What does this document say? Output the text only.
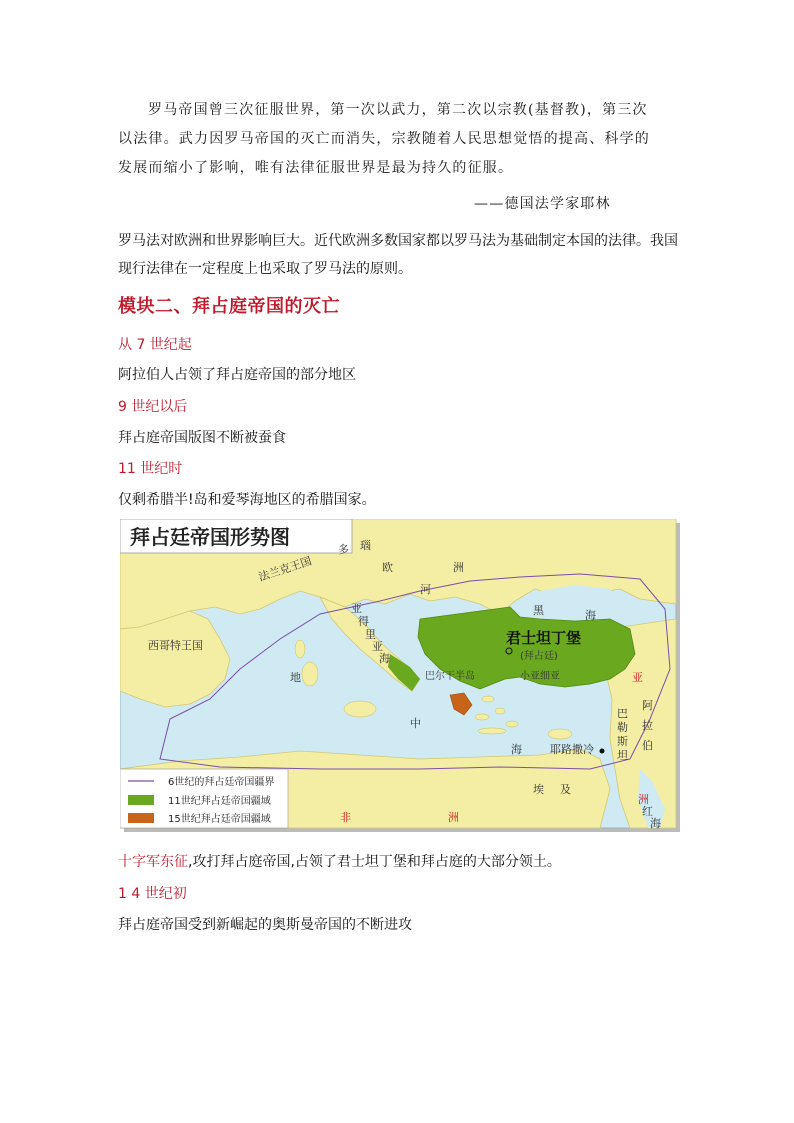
罗马帝国曾三次征服世界，第一次以武力，第二次以宗教(基督教)，第三次
以法律。武力因罗马帝国的灭亡而消失，宗教随着人民思想觉悟的提高、科学的
发展而缩小了影响，唯有法律征服世界是最为持久的征服。
——德国法学家耶林
罗马法对欧洲和世界影响巨大。近代欧洲多数国家都以罗马法为基础制定本国的法律。我国
现行法律在一定程度上也采取了罗马法的原则。
模块二、拜占庭帝国的灭亡
从 7 世纪起
阿拉伯人占领了拜占庭帝国的部分地区
9 世纪以后
拜占庭帝国版图不断被蚕食
11 世纪时
仅剩希腊半!岛和爱琴海地区的希腊国家。
拜占廷帝国形势图
欧	洲
多 瑙
河
法兰克王国
西哥特王国
黑	海
亚
得
里
亚
海
地
中
海
巴尔干半岛	小亚细亚
君士坦丁堡
(拜占廷)
亚
巴
勒
斯
坦
阿
拉
伯
洲
耶路撒冷
埃 及
非	洲	红
海
6世纪的拜占廷帝国疆界
11世纪拜占廷帝国疆域
15世纪拜占廷帝国疆域
十字军东征,攻打拜占庭帝国,占领了君士坦丁堡和拜占庭的大部分领土。
1 4 世纪初
拜占庭帝国受到新崛起的奥斯曼帝国的不断进攻
